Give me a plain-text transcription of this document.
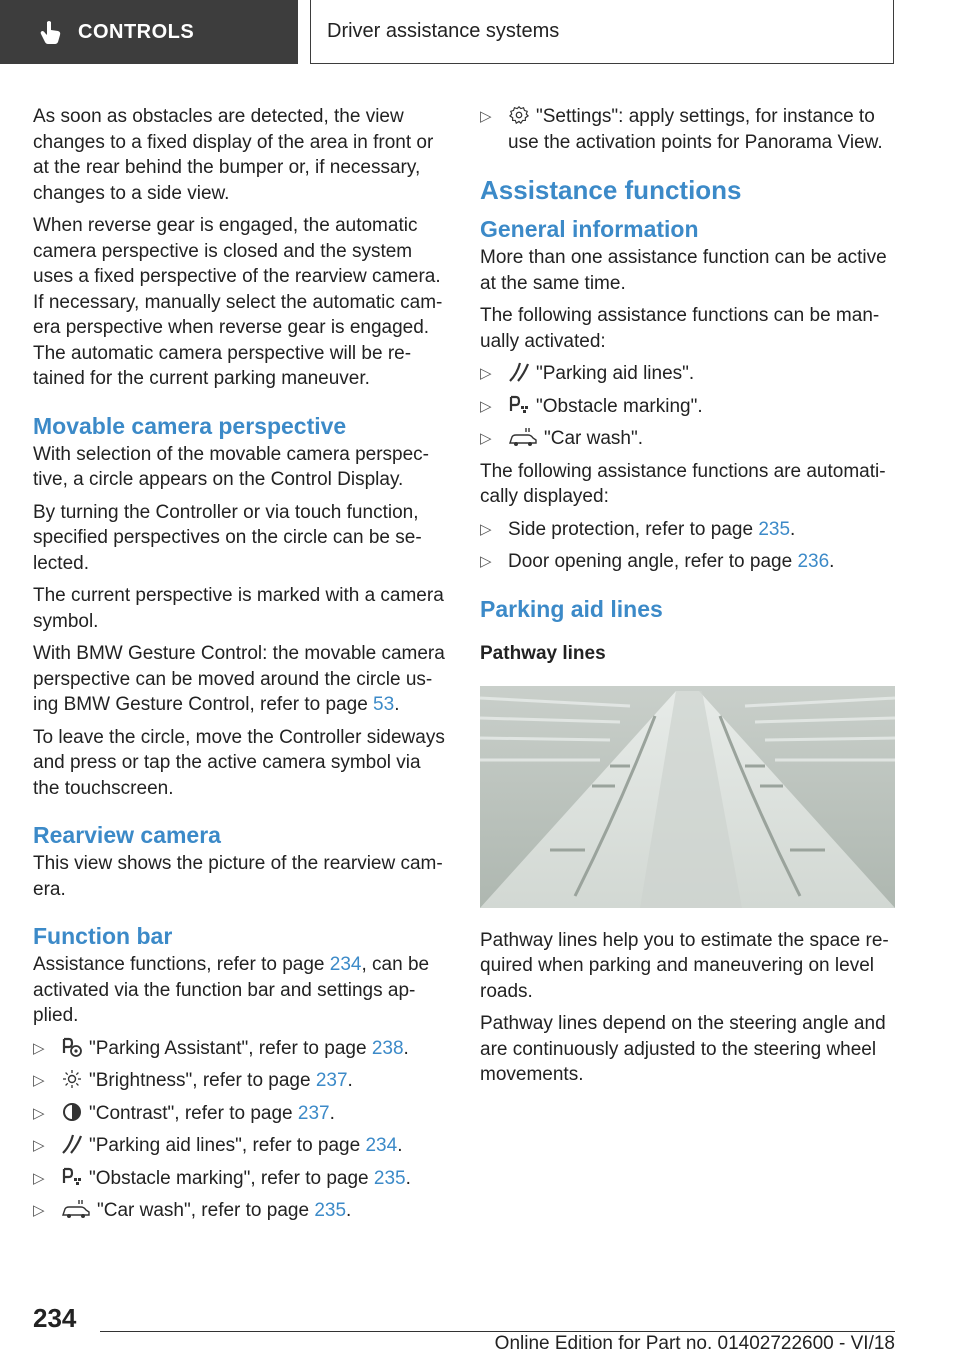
CONTROLS	Driver assistance systems

As soon as obstacles are detected, the view changes to a fixed display of the area in front or at the rear behind the bumper or, if necessary, changes to a side view.

When reverse gear is engaged, the automatic camera perspective is closed and the system uses a fixed perspective of the rearview camera. If necessary, manually select the automatic cam‐era perspective when reverse gear is engaged. The automatic camera perspective will be re‐tained for the current parking maneuver.

Movable camera perspective

With selection of the movable camera perspec‐tive, a circle appears on the Control Display.

By turning the Controller or via touch function, specified perspectives on the circle can be se‐lected.

The current perspective is marked with a camera symbol.

With BMW Gesture Control: the movable camera perspective can be moved around the circle us‐ing BMW Gesture Control, refer to page 53.

To leave the circle, move the Controller sideways and press or tap the active camera symbol via the touchscreen.

Rearview camera

This view shows the picture of the rearview cam‐era.

Function bar

Assistance functions, refer to page 234, can be activated via the function bar and settings ap‐plied.

▷ "Parking Assistant", refer to page 238.
▷ "Brightness", refer to page 237.
▷ "Contrast", refer to page 237.
▷ "Parking aid lines", refer to page 234.
▷ "Obstacle marking", refer to page 235.
▷	"Car wash", refer to page 235.
▷ "Settings": apply settings, for instance to use the activation points for Panorama View.
Assistance functions
General information

More than one assistance function can be active at the same time.

The following assistance functions can be man‐ually activated:

▷ "Parking aid lines".
▷ "Obstacle marking".
▷	"Car wash".

The following assistance functions are automati‐cally displayed:

▷ Side protection, refer to page 235.
▷ Door opening angle, refer to page 236.
Parking aid lines
Pathway lines

Pathway lines help you to estimate the space re‐quired when parking and maneuvering on level roads.

Pathway lines depend on the steering angle and are continuously adjusted to the steering wheel movements.

234
Online Edition for Part no. 01402722600 - VI/18
